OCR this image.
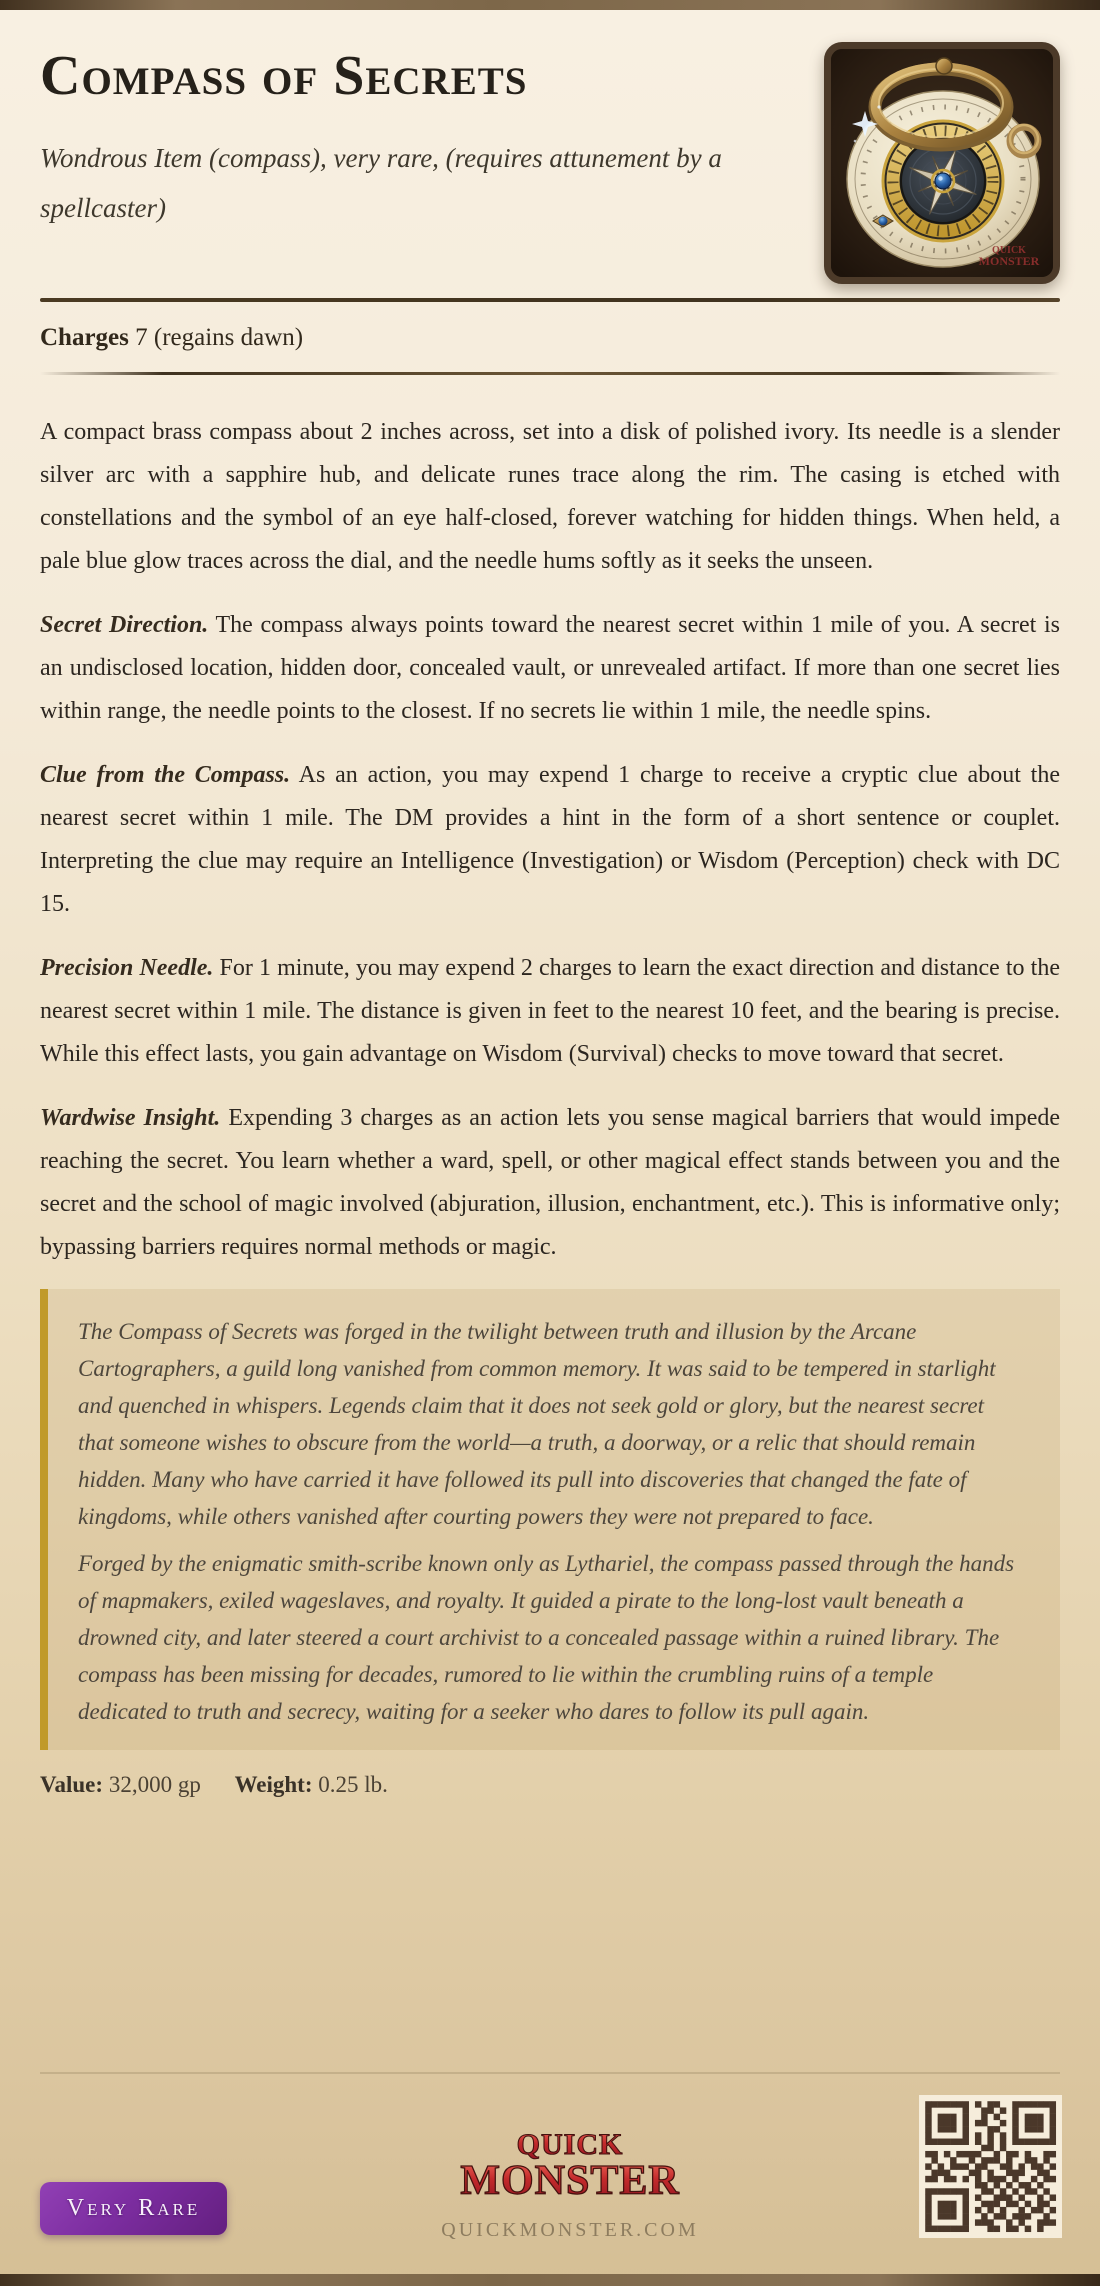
Compass of Secrets
Wondrous Item (compass), very rare, (requires attunement by a spellcaster)
QUICK
MONSTER
Charges 7 (regains dawn)

A compact brass compass about 2 inches across, set into a disk of polished ivory. Its needle is a slender silver arc with a sapphire hub, and delicate runes trace along the rim. The casing is etched with constellations and the symbol of an eye half-closed, forever watching for hidden things. When held, a pale blue glow traces across the dial, and the needle hums softly as it seeks the unseen.

Secret Direction. The compass always points toward the nearest secret within 1 mile of you. A secret is an undisclosed location, hidden door, concealed vault, or unrevealed artifact. If more than one secret lies within range, the needle points to the closest. If no secrets lie within 1 mile, the needle spins.

Clue from the Compass. As an action, you may expend 1 charge to receive a cryptic clue about the nearest secret within 1 mile. The DM provides a hint in the form of a short sentence or couplet. Interpreting the clue may require an Intelligence (Investigation) or Wisdom (Perception) check with DC 15.

Precision Needle. For 1 minute, you may expend 2 charges to learn the exact direction and distance to the nearest secret within 1 mile. The distance is given in feet to the nearest 10 feet, and the bearing is precise. While this effect lasts, you gain advantage on Wisdom (Survival) checks to move toward that secret.

Wardwise Insight. Expending 3 charges as an action lets you sense magical barriers that would impede reaching the secret. You learn whether a ward, spell, or other magical effect stands between you and the secret and the school of magic involved (abjuration, illusion, enchantment, etc.). This is informative only; bypassing barriers requires normal methods or magic.

The Compass of Secrets was forged in the twilight between truth and illusion by the Arcane Cartographers, a guild long vanished from common memory. It was said to be tempered in starlight and quenched in whispers. Legends claim that it does not seek gold or glory, but the nearest secret that someone wishes to obscure from the world—a truth, a doorway, or a relic that should remain hidden. Many who have carried it have followed its pull into discoveries that changed the fate of kingdoms, while others vanished after courting powers they were not prepared to face.

Forged by the enigmatic smith-scribe known only as Lythariel, the compass passed through the hands of mapmakers, exiled wageslaves, and royalty. It guided a pirate to the long-lost vault beneath a drowned city, and later steered a court archivist to a concealed passage within a ruined library. The compass has been missing for decades, rumored to lie within the crumbling ruins of a temple dedicated to truth and secrecy, waiting for a seeker who dares to follow its pull again.

Value: 32,000 gp Weight: 0.25 lb.
Very Rare
QUICK
MONSTER
QUICKMONSTER.COM
